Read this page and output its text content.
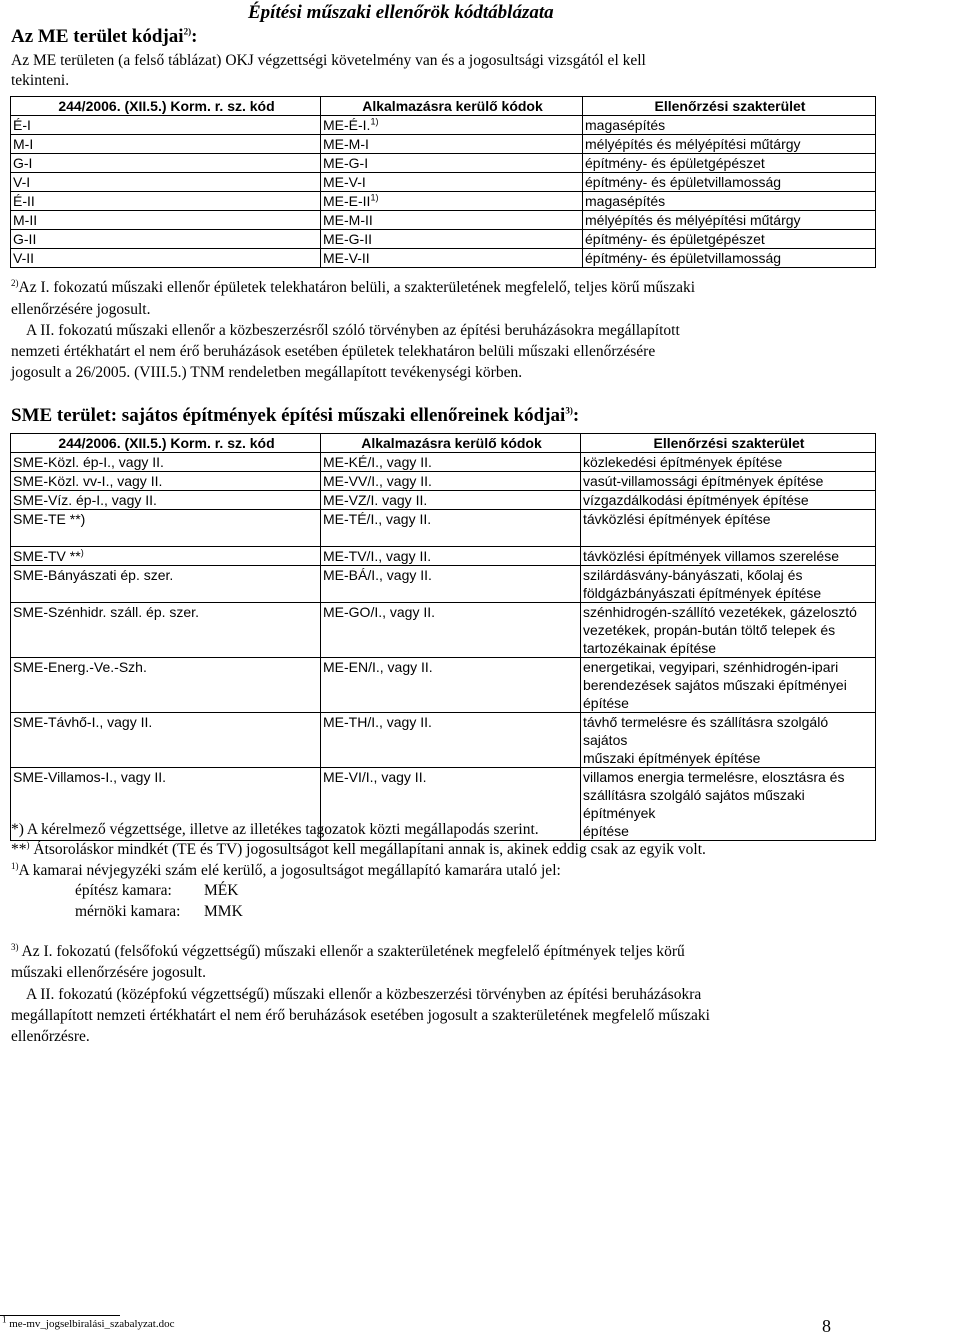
Építési műszaki ellenőrök kódtáblázata
Az ME terület kódjai$^{2)}$:
Az ME területen (a felső táblázat) OKJ végzettségi követelmény van és a jogosultsági vizsgától el kell
tekinteni.
244/2006. (XII.5.) Korm. r. sz. kód	Alkalmazásra kerülő kódok	Ellenőrzési szakterület
É-I	ME-É-I.$^{1)}$	magasépítés
M-I	ME-M-I	mélyépítés és mélyépítési műtárgy
G-I	ME-G-I	építmény- és épületgépészet
V-I	ME-V-I	építmény- és épületvillamosság
É-II	ME-E-II$^{1)}$	magasépítés
M-II	ME-M-II	mélyépítés és mélyépítési műtárgy
G-II	ME-G-II	építmény- és épületgépészet
V-II	ME-V-II	építmény- és épületvillamosság
$^{2)}$Az I. fokozatú műszaki ellenőr épületek telekhatáron belüli, a szakterületének megfelelő, teljes körű műszaki
ellenőrzésére jogosult.
A II. fokozatú műszaki ellenőr a közbeszerzésről szóló törvényben az építési beruházásokra megállapított
nemzeti értékhatárt el nem érő beruházások esetében épületek telekhatáron belüli műszaki ellenőrzésére
jogosult a 26/2005. (VIII.5.) TNM rendeletben megállapított tevékenységi körben.
SME terület: sajátos építmények építési műszaki ellenőreinek kódjai$^{3)}$:
244/2006. (XII.5.) Korm. r. sz. kód	Alkalmazásra kerülő kódok	Ellenőrzési szakterület
SME-Közl. ép-I., vagy II.	ME-KÉ/I., vagy II.	közlekedési építmények építése
SME-Közl. vv-I., vagy II.	ME-VV/I., vagy II.	vasút-villamossági építmények építése
SME-Víz. ép-I., vagy II.	ME-VZ/I. vagy II.	vízgazdálkodási építmények építése
SME-TE **)	ME-TÉ/I., vagy II.	távközlési építmények építése

SME-TV **)	ME-TV/I., vagy II.	távközlési építmények villamos szerelése
SME-Bányászati ép. szer.	ME-BÁ/I., vagy II.	szilárdásvány-bányászati, kőolaj és
földgázbányászati építmények építése

SME-Szénhidr. száll. ép. szer.	ME-GO/I., vagy II.	szénhidrogén-szállító vezetékek, gázelosztó
vezetékek, propán-bután töltő telepek és
tartozékainak építése

SME-Energ.-Ve.-Szh.	ME-EN/I., vagy II.	energetikai, vegyipari, szénhidrogén-ipari
berendezések sajátos műszaki építményei
építése

SME-Távhő-I., vagy II.	ME-TH/I., vagy II.	távhő termelésre és szállításra szolgáló sajátos
műszaki építmények építése

SME-Villamos-I., vagy II.	ME-VI/I., vagy II.	villamos energia termelésre, elosztásra és
szállításra szolgáló sajátos műszaki építmények
építése
*) A kérelmező végzettsége, illetve az illetékes tagozatok közti megállapodás szerint.
**) Átsoroláskor mindkét (TE és TV) jogosultságot kell megállapítani annak is, akinek eddig csak az egyik volt.
$^{1)}$A kamarai névjegyzéki szám elé kerülő, a jogosultságot megállapító kamarára utaló jel:
építész kamara: MÉK
mérnöki kamara: MMK
$^{3)}$ Az I. fokozatú (felsőfokú végzettségű) műszaki ellenőr a szakterületének megfelelő építmények teljes körű
műszaki ellenőrzésére jogosult.
A II. fokozatú (középfokú végzettségű) műszaki ellenőr a közbeszerzési törvényben az építési beruházásokra
megállapított nemzeti értékhatárt el nem érő beruházások esetében jogosult a szakterületének megfelelő műszaki
ellenőrzésre.
$^1$ me-mv_jogselbiralási_szabalyzat.doc	8
